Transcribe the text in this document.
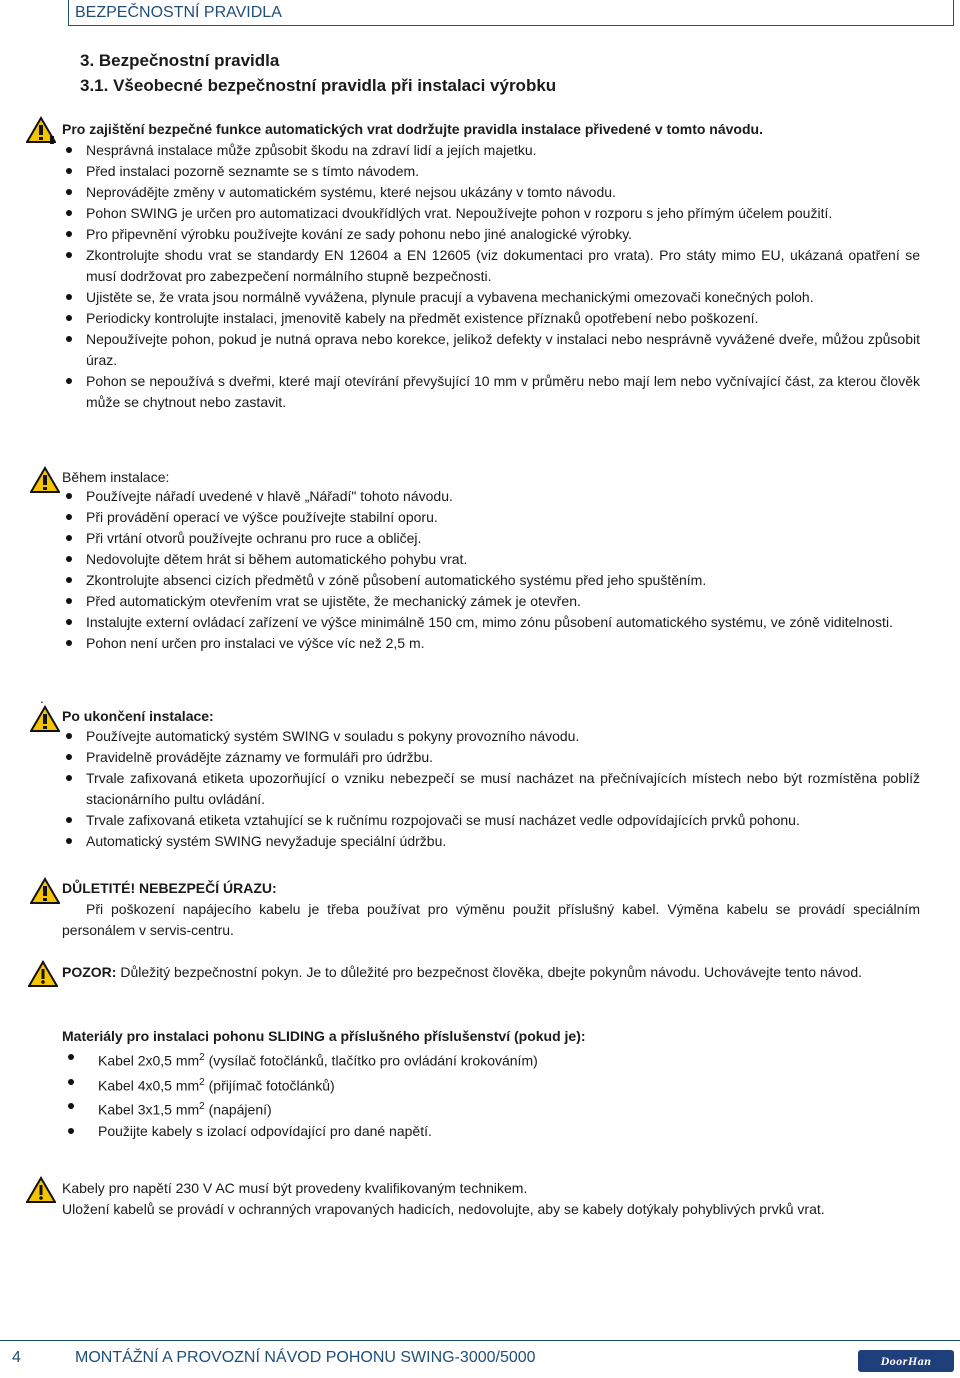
BEZPEČNOSTNÍ PRAVIDLA
3. Bezpečnostní pravidla
3.1. Všeobecné bezpečnostní pravidla při instalaci výrobku
Pro zajištění bezpečné funkce automatických vrat dodržujte pravidla instalace přivedené v tomto návodu.
Nesprávná instalace může způsobit škodu na zdraví lidí a jejích majetku.
Před instalaci pozorně seznamte se s tímto návodem.
Neprovádějte změny v automatickém systému, které nejsou ukázány v tomto návodu.
Pohon SWING je určen pro automatizaci dvoukřídlých vrat. Nepoužívejte pohon v rozporu s jeho přímým účelem použití.
Pro připevnění výrobku používejte kování ze sady pohonu nebo jiné analogické výrobky.
Zkontrolujte shodu vrat se standardy EN 12604 a EN 12605 (viz dokumentaci pro vrata). Pro státy mimo EU, ukázaná opatření se musí dodržovat pro zabezpečení normálního stupně bezpečnosti.
Ujistěte se, že vrata jsou normálně vyváženа, plynule pracují a vybavena mechanickými omezovači konečných poloh.
Periodicky kontrolujte instalaci, jmenovitě kabely na předmět existence příznaků opotřebení nebo poškození.
Nepoužívejte pohon, pokud je nutná oprava nebo korekce, jelikož defekty v instalaci nebo nesprávně vyvážené dveře, můžou způsobit úraz.
Pohon se nepoužívá s dveřmi, které mají otevírání převyšující 10 mm v průměru nebo mají lem nebo vyčnívající část, za kterou člověk může se chytnout nebo zastavit.
Během instalace:
Používejte nářadí uvedené v hlavě „Nářadí" tohoto návodu.
Při provádění operací ve výšce používejte stabilní oporu.
Při vrtání otvorů používejte ochranu pro ruce a obličej.
Nedovolujte dětem hrát si během automatického pohybu vrat.
Zkontrolujte absenci cizích předmětů v zóně působení automatického systému před jeho spuštěním.
Před automatickým otevřením vrat se ujistěte, že mechanický zámek je otevřen.
Instalujte externí ovládací zařízení ve výšce minimálně 150 cm, mimo zónu působení automatického systému, ve zóně viditelnosti.
Pohon není určen pro instalaci ve výšce víc než 2,5 m.
.
Po ukončení instalace:
Používejte automatický systém SWING v souladu s pokyny provozního návodu.
Pravidelně provádějte záznamy ve formuláři pro údržbu.
Trvale zafixovaná etiketa upozorňující o vzniku nebezpečí se musí nacházet na přečnívajících místech nebo být rozmístěna poblíž stacionárního pultu ovládání.
Trvale zafixovaná etiketa vztahující se k ručnímu rozpojovači se musí nacházet vedle odpovídajících prvků pohonu.
Automatický systém SWING nevyžaduje speciální údržbu.
DŮLETITÉ! NEBEZPEČÍ ÚRAZU:
Při poškození napájecího kabelu je třeba používat pro výměnu použit příslušný kabel. Výměna kabelu se provádí speciálním personálem v servis-centru.
POZOR: Důležitý bezpečnostní pokyn. Je to důležité pro bezpečnost člověka, dbejte pokynům návodu. Uchovávejte tento návod.
Materiály pro instalaci pohonu SLIDING a příslušného příslušenství (pokud je):
Kabel 2x0,5 $mm^2$ (vysílač fotočlánků, tlačítko pro ovládání krokováním)
Kabel 4x0,5 $mm^2$ (přijímač fotočlánků)
Kabel 3x1,5 $mm^2$ (napájení)
Použijte kabely s izolací odpovídající pro dané napětí.
Kabely pro napětí 230 V AC musí být provedeny kvalifikovaným technikem.
Uložení kabelů se provádí v ochranných vrapovaných hadicích, nedovolujte, aby se kabely dotýkaly pohyblivých prvků vrat.
4	MONTÁŽNÍ A PROVOZNÍ NÁVOD POHONU SWING-3000/5000	DoorHan
